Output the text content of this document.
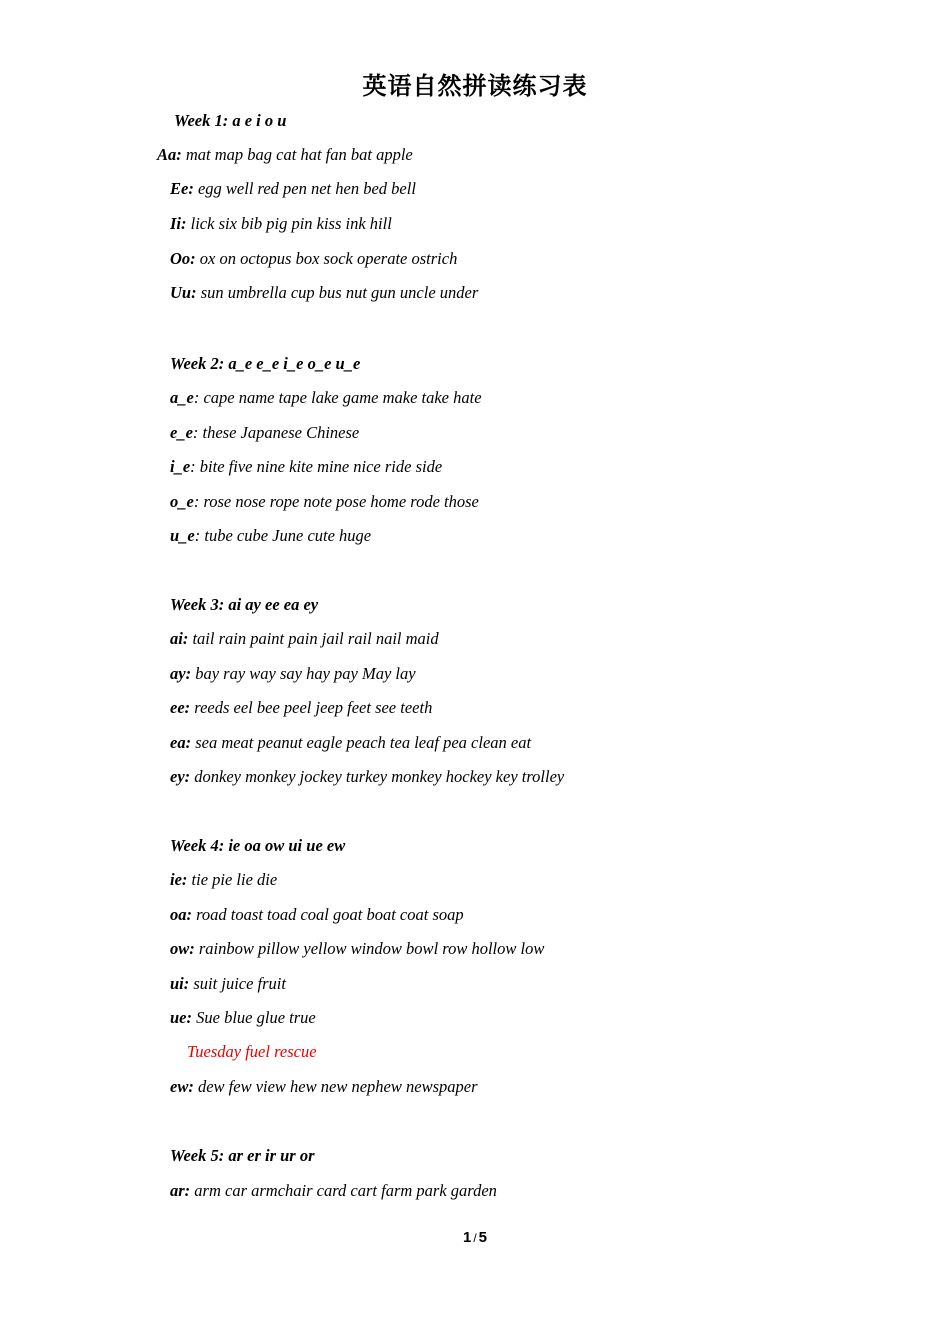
英语自然拼读练习表
Week 1: a e i o u
Aa: mat map bag cat hat fan bat apple
Ee: egg well red pen net hen bed bell
Ii: lick six bib pig pin kiss ink hill
Oo: ox on octopus box sock operate ostrich
Uu: sun umbrella cup bus nut gun uncle under
Week 2: a_e e_e i_e o_e u_e
a_e: cape name tape lake game make take hate
e_e: these Japanese Chinese
i_e: bite five nine kite mine nice ride side
o_e: rose nose rope note pose home rode those
u_e: tube cube June cute huge
Week 3: ai ay ee ea ey
ai: tail rain paint pain jail rail nail maid
ay: bay ray way say hay pay May lay
ee: reeds eel bee peel jeep feet see teeth
ea: sea meat peanut eagle peach tea leaf pea clean eat
ey: donkey monkey jockey turkey monkey hockey key trolley
Week 4: ie oa ow ui ue ew
ie: tie pie lie die
oa: road toast toad coal goat boat coat soap
ow: rainbow pillow yellow window bowl row hollow low
ui: suit juice fruit
ue: Sue blue glue true
Tuesday fuel rescue
ew: dew few view hew new nephew newspaper
Week 5: ar er ir ur or
ar: arm car armchair card cart farm park garden
1 / 5
